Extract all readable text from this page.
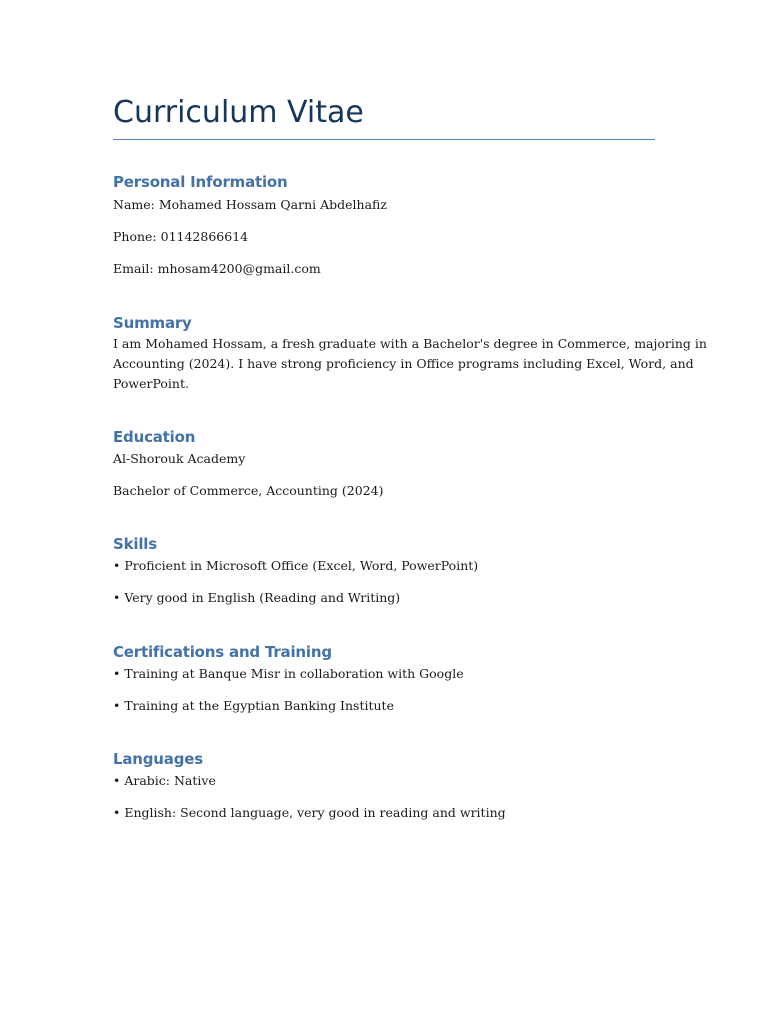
Curriculum Vitae
Personal Information

Name: Mohamed Hossam Qarni Abdelhafiz

Phone: 01142866614

Email: mhosam4200@gmail.com

Summary

I am Mohamed Hossam, a fresh graduate with a Bachelor's degree in Commerce, majoring in

Accounting (2024). I have strong proficiency in Office programs including Excel, Word, and

PowerPoint.

Education

Al-Shorouk Academy

Bachelor of Commerce, Accounting (2024)

Skills

• Proficient in Microsoft Office (Excel, Word, PowerPoint)

• Very good in English (Reading and Writing)

Certifications and Training

• Training at Banque Misr in collaboration with Google

• Training at the Egyptian Banking Institute

Languages

• Arabic: Native

• English: Second language, very good in reading and writing
